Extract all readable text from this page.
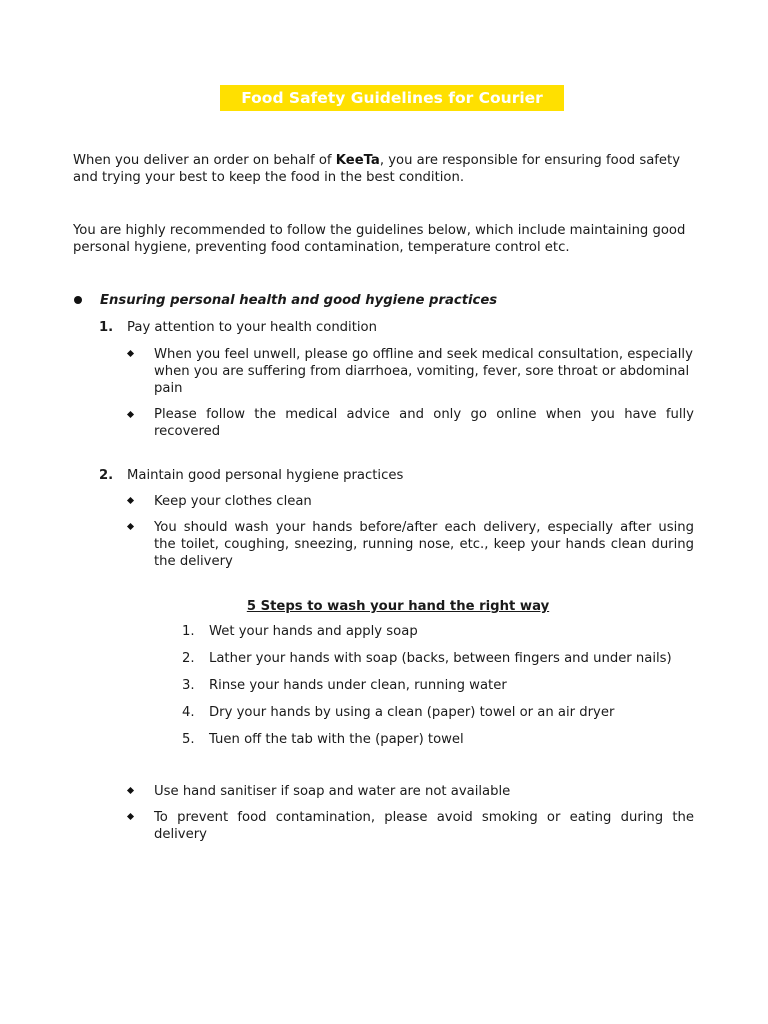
Food Safety Guidelines for Courier
When you deliver an order on behalf of KeeTa, you are responsible for ensuring food safety
and trying your best to keep the food in the best condition.
You are highly recommended to follow the guidelines below, which include maintaining good
personal hygiene, preventing food contamination, temperature control etc.
Ensuring personal health and good hygiene practices
1. Pay attention to your health condition
When you feel unwell, please go offline and seek medical consultation, especially
when you are suffering from diarrhoea, vomiting, fever, sore throat or abdominal
pain
Please follow the medical advice and only go online when you have fully
recovered
2. Maintain good personal hygiene practices
Keep your clothes clean
You should wash your hands before/after each delivery, especially after using
the toilet, coughing, sneezing, running nose, etc., keep your hands clean during
the delivery
5 Steps to wash your hand the right way
1. Wet your hands and apply soap
2. Lather your hands with soap (backs, between fingers and under nails)
3. Rinse your hands under clean, running water
4. Dry your hands by using a clean (paper) towel or an air dryer
5. Tuen off the tab with the (paper) towel
Use hand sanitiser if soap and water are not available
To prevent food contamination, please avoid smoking or eating during the
delivery
